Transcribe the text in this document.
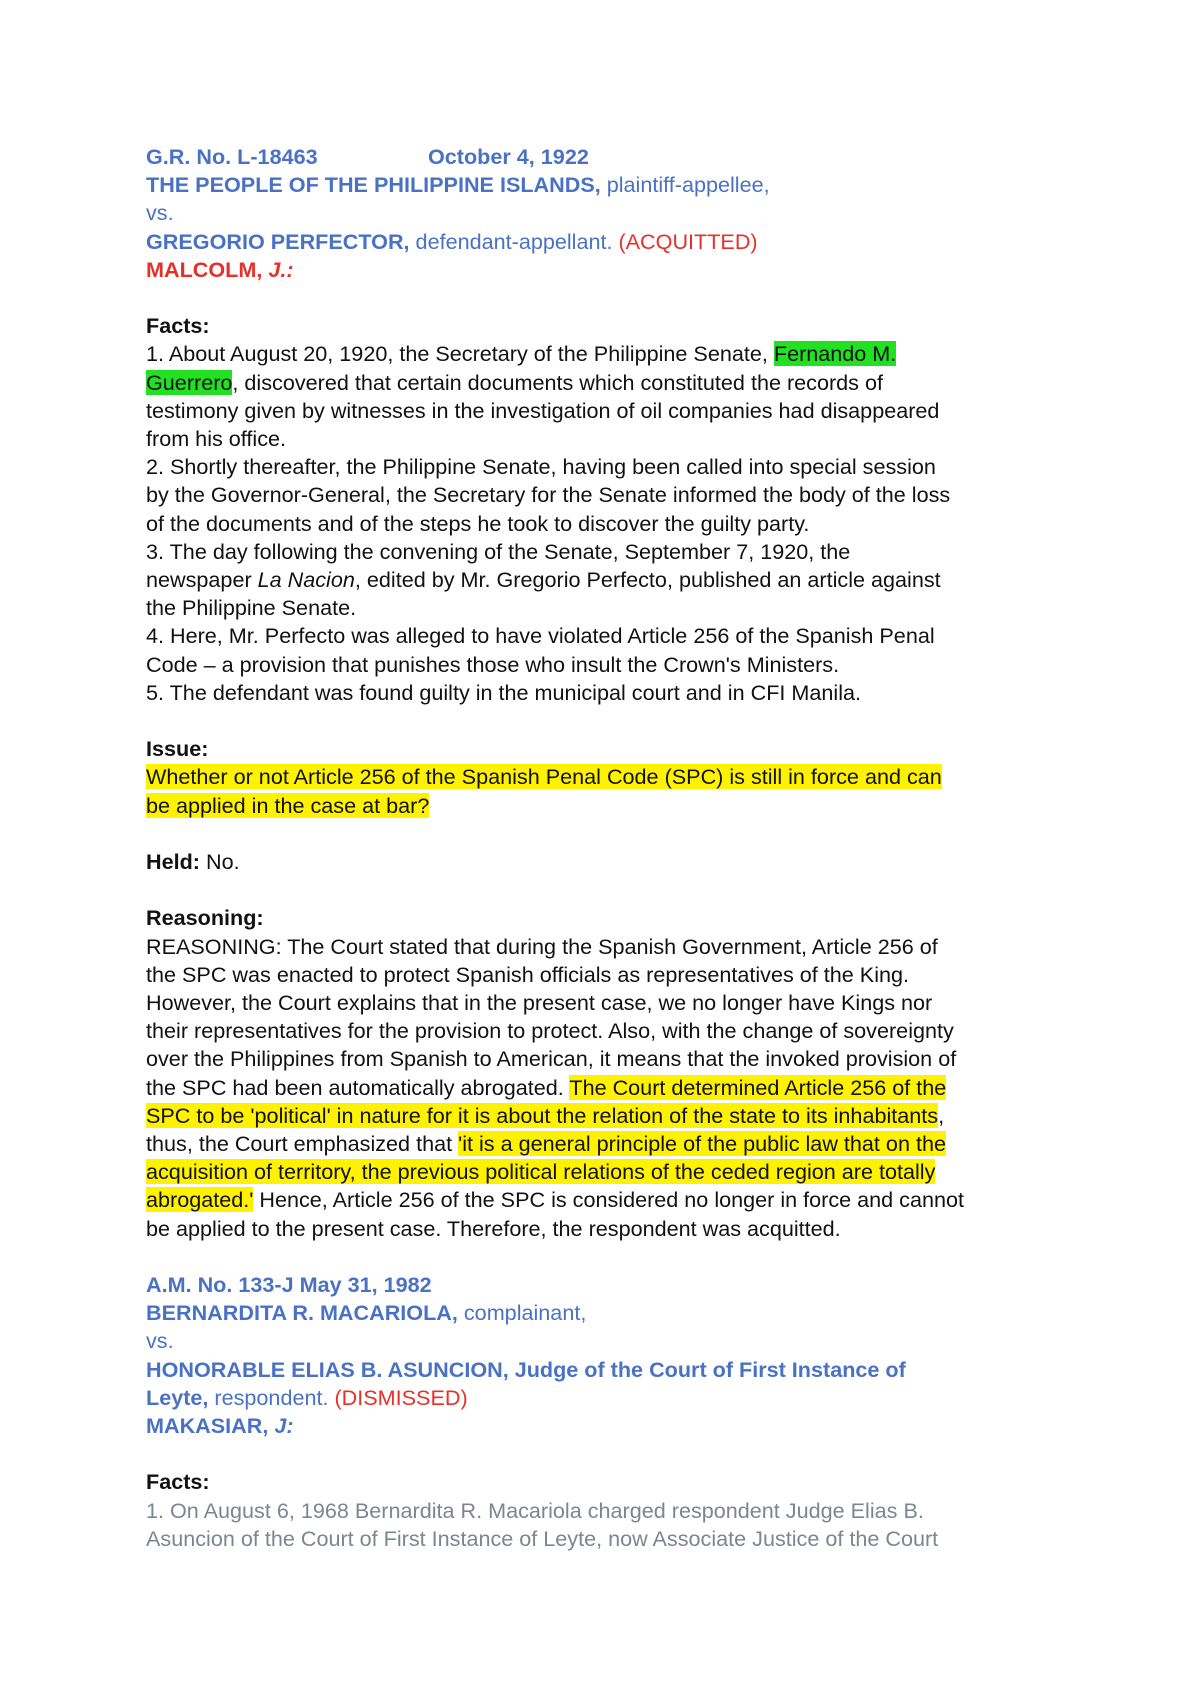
G.R. No. L-18463	October 4, 1922
THE PEOPLE OF THE PHILIPPINE ISLANDS, plaintiff-appellee,
vs.
GREGORIO PERFECTOR, defendant-appellant. (ACQUITTED)
MALCOLM, J.:
Facts:
1. About August 20, 1920, the Secretary of the Philippine Senate, Fernando M.
Guerrero, discovered that certain documents which constituted the records of
testimony given by witnesses in the investigation of oil companies had disappeared
from his office.
2. Shortly thereafter, the Philippine Senate, having been called into special session
by the Governor-General, the Secretary for the Senate informed the body of the loss
of the documents and of the steps he took to discover the guilty party.
3. The day following the convening of the Senate, September 7, 1920, the
newspaper La Nacion, edited by Mr. Gregorio Perfecto, published an article against
the Philippine Senate.
4. Here, Mr. Perfecto was alleged to have violated Article 256 of the Spanish Penal
Code – a provision that punishes those who insult the Crown's Ministers.
5. The defendant was found guilty in the municipal court and in CFI Manila.
Issue:
Whether or not Article 256 of the Spanish Penal Code (SPC) is still in force and can
be applied in the case at bar?
Held: No.
Reasoning:
REASONING: The Court stated that during the Spanish Government, Article 256 of
the SPC was enacted to protect Spanish officials as representatives of the King.
However, the Court explains that in the present case, we no longer have Kings nor
their representatives for the provision to protect. Also, with the change of sovereignty
over the Philippines from Spanish to American, it means that the invoked provision of
the SPC had been automatically abrogated. The Court determined Article 256 of the
SPC to be 'political' in nature for it is about the relation of the state to its inhabitants,
thus, the Court emphasized that 'it is a general principle of the public law that on the
acquisition of territory, the previous political relations of the ceded region are totally
abrogated.' Hence, Article 256 of the SPC is considered no longer in force and cannot
be applied to the present case. Therefore, the respondent was acquitted.
A.M. No. 133-J May 31, 1982
BERNARDITA R. MACARIOLA, complainant,
vs.
HONORABLE ELIAS B. ASUNCION, Judge of the Court of First Instance of
Leyte, respondent. (DISMISSED)
MAKASIAR, J:
Facts:
1. On August 6, 1968 Bernardita R. Macariola charged respondent Judge Elias B.
Asuncion of the Court of First Instance of Leyte, now Associate Justice of the Court
